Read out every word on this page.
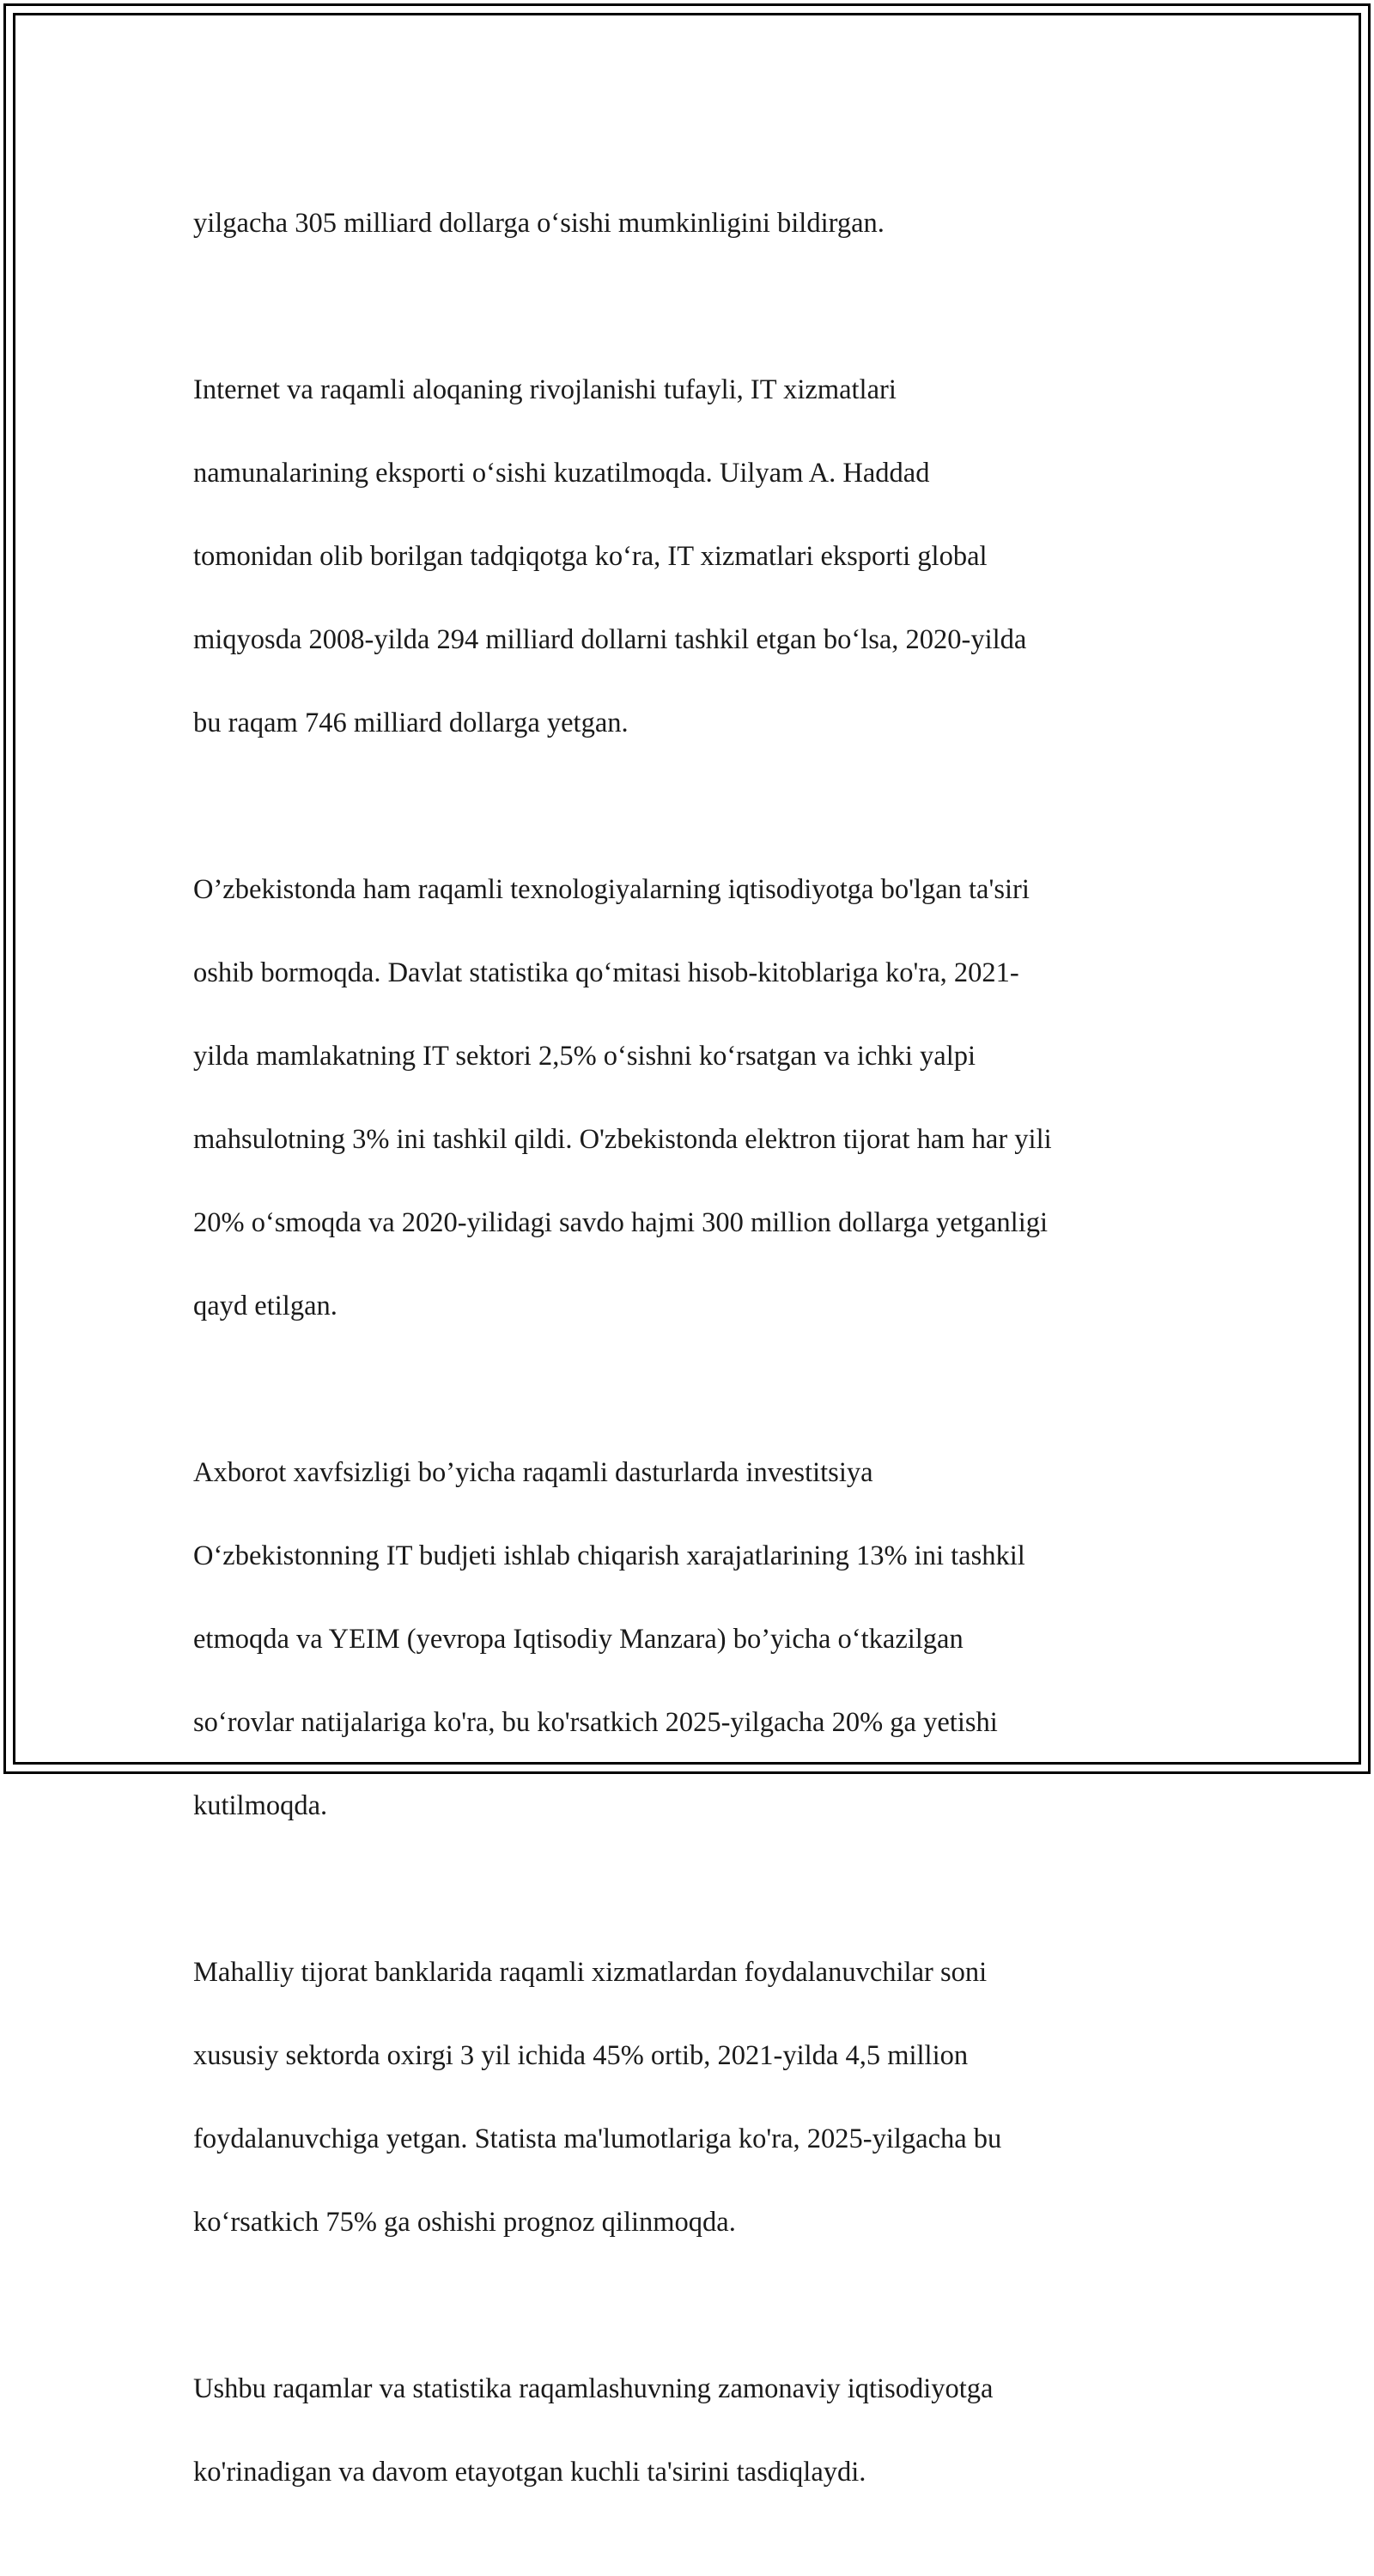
yilgacha 305 milliard dollarga o‘sishi mumkinligini bildirgan.

Internet va raqamli aloqaning rivojlanishi tufayli, IT xizmatlari

namunalarining eksporti o‘sishi kuzatilmoqda. Uilyam A. Haddad

tomonidan olib borilgan tadqiqotga ko‘ra, IT xizmatlari eksporti global

miqyosda 2008-yilda 294 milliard dollarni tashkil etgan bo‘lsa, 2020-yilda

bu raqam 746 milliard dollarga yetgan.

O’zbekistonda ham raqamli texnologiyalarning iqtisodiyotga bo'lgan ta'siri

oshib bormoqda. Davlat statistika qo‘mitasi hisob-kitoblariga ko'ra, 2021-

yilda mamlakatning IT sektori 2,5% o‘sishni ko‘rsatgan va ichki yalpi

mahsulotning 3% ini tashkil qildi. O'zbekistonda elektron tijorat ham har yili

20% o‘smoqda va 2020-yilidagi savdo hajmi 300 million dollarga yetganligi

qayd etilgan.

Axborot xavfsizligi bo’yicha raqamli dasturlarda investitsiya

O‘zbekistonning IT budjeti ishlab chiqarish xarajatlarining 13% ini tashkil

etmoqda va YEIM (yevropa Iqtisodiy Manzara) bo’yicha o‘tkazilgan

so‘rovlar natijalariga ko'ra, bu ko'rsatkich 2025-yilgacha 20% ga yetishi

kutilmoqda.

Mahalliy tijorat banklarida raqamli xizmatlardan foydalanuvchilar soni

xususiy sektorda oxirgi 3 yil ichida 45% ortib, 2021-yilda 4,5 million

foydalanuvchiga yetgan. Statista ma'lumotlariga ko'ra, 2025-yilgacha bu

ko‘rsatkich 75% ga oshishi prognoz qilinmoqda.

Ushbu raqamlar va statistika raqamlashuvning zamonaviy iqtisodiyotga

ko'rinadigan va davom etayotgan kuchli ta'sirini tasdiqlaydi.
